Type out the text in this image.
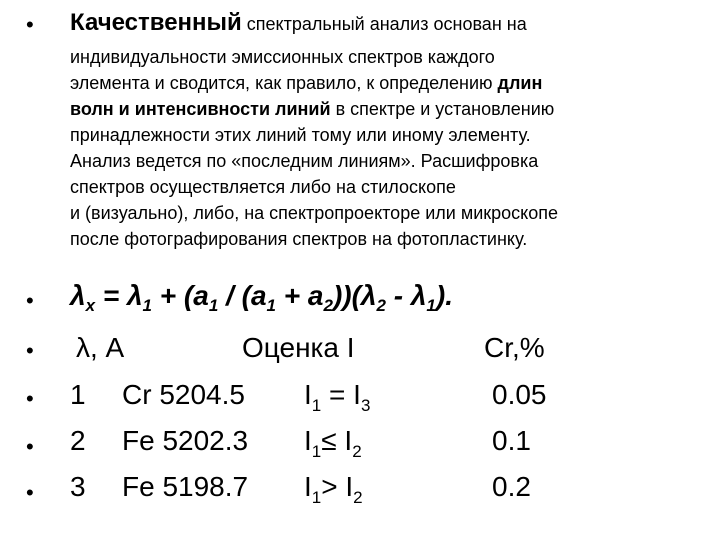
• Качественный спектральный анализ основан на
индивидуальности эмиссионных спектров каждого
элемента и сводится, как правило, к определению длин
волн и интенсивности линий в спектре и установлению
принадлежности этих линий тому или иному элементу.
Анализ ведется по «последним линиям». Расшифровка
спектров осуществляется либо на стилоскопе
и (визуально), либо, на спектропроекторе или микроскопе
после фотографирования спектров на фотопластинку.
• $\lambda_x = \lambda_1 + (a_1 / (a_1 + a_2))(\lambda_2 - \lambda_1)$.
• λ, A	Оценка I	Cr,%
• 1 Cr 5204.5 $I_1 = I_3$	0.05
• 2 Fe 5202.3 $I_1\le I_2$	0.1
• 3 Fe 5198.7 $I_1> I_2$	0.2
